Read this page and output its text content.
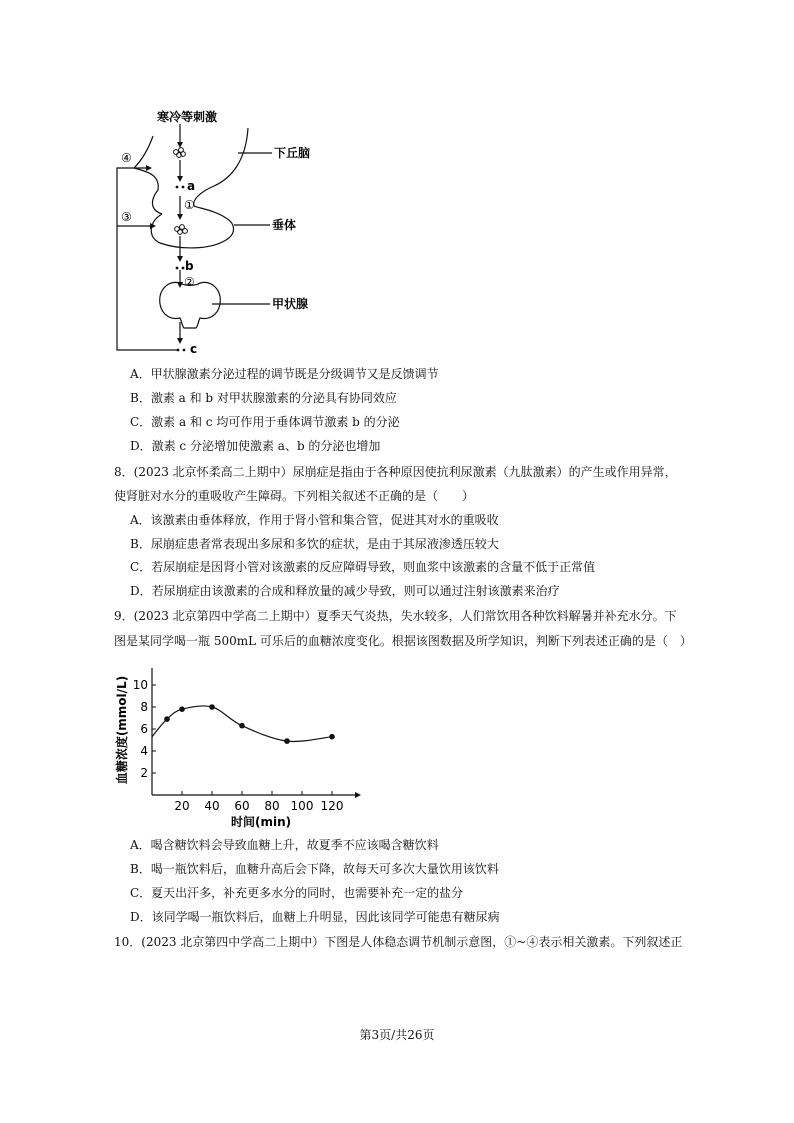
寒冷等刺激
下丘脑
垂体
甲状腺
a
b
c
①
②
③
④
A．甲状腺激素分泌过程的调节既是分级调节又是反馈调节
B．激素 a 和 b 对甲状腺激素的分泌具有协同效应
C．激素 a 和 c 均可作用于垂体调节激素 b 的分泌
D．激素 c 分泌增加使激素 a、b 的分泌也增加
8．(2023 北京怀柔高二上期中）尿崩症是指由于各种原因使抗利尿激素（九肽激素）的产生或作用异常，
使肾脏对水分的重吸收产生障碍。下列相关叙述不正确的是（　　）
A．该激素由垂体释放，作用于肾小管和集合管，促进其对水的重吸收
B．尿崩症患者常表现出多尿和多饮的症状，是由于其尿液渗透压较大
C．若尿崩症是因肾小管对该激素的反应障碍导致，则血浆中该激素的含量不低于正常值
D．若尿崩症由该激素的合成和释放量的减少导致，则可以通过注射该激素来治疗
9．(2023 北京第四中学高二上期中）夏季天气炎热，失水较多，人们常饮用各种饮料解暑并补充水分。下
图是某同学喝一瓶 500mL 可乐后的血糖浓度变化。根据该图数据及所学知识，判断下列表述正确的是（　）
20 40 60 80 100 120
2
4
6
8
10
时间(min)
血糖浓度(mmol/L)
A．喝含糖饮料会导致血糖上升，故夏季不应该喝含糖饮料
B．喝一瓶饮料后，血糖升高后会下降，故每天可多次大量饮用该饮料
C．夏天出汗多，补充更多水分的同时，也需要补充一定的盐分
D．该同学喝一瓶饮料后，血糖上升明显，因此该同学可能患有糖尿病
10．(2023 北京第四中学高二上期中）下图是人体稳态调节机制示意图，①~④表示相关激素。下列叙述正
第3页/共26页
